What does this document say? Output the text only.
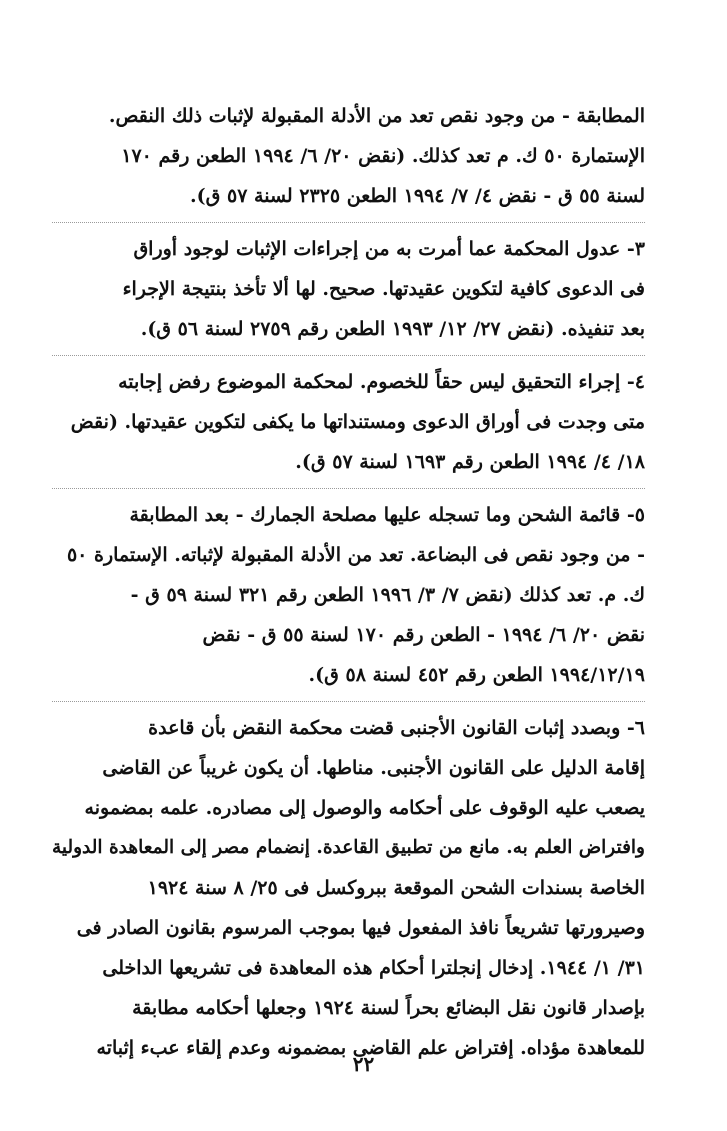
المطابقة - من وجود نقص تعد من الأدلة المقبولة لإثبات ذلك النقص.
الإستمارة ٥٠ ك. م تعد كذلك. (نقض ٢٠/ ٦/ ١٩٩٤ الطعن رقم ١٧٠
لسنة ٥٥ ق - نقض ٤/ ٧/ ١٩٩٤ الطعن ٢٣٢٥ لسنة ٥٧ ق).
٣- عدول المحكمة عما أمرت به من إجراءات الإثبات لوجود أوراق
فى الدعوى كافية لتكوين عقيدتها. صحيح. لها ألا تأخذ بنتيجة الإجراء
بعد تنفيذه. (نقض ٢٧/ ١٢/ ١٩٩٣ الطعن رقم ٢٧٥٩ لسنة ٥٦ ق).
٤- إجراء التحقيق ليس حقاً للخصوم. لمحكمة الموضوع رفض إجابته
متى وجدت فى أوراق الدعوى ومستنداتها ما يكفى لتكوين عقيدتها. (نقض
١٨/ ٤/ ١٩٩٤ الطعن رقم ١٦٩٣ لسنة ٥٧ ق).
٥- قائمة الشحن وما تسجله عليها مصلحة الجمارك - بعد المطابقة
- من وجود نقص فى البضاعة. تعد من الأدلة المقبولة لإثباته. الإستمارة ٥٠
ك. م. تعد كذلك (نقض ٧/ ٣/ ١٩٩٦ الطعن رقم ٣٢١ لسنة ٥٩ ق -
نقض ٢٠/ ٦/ ١٩٩٤ - الطعن رقم ١٧٠ لسنة ٥٥ ق - نقض
١٩٩٤/١٢/١٩ الطعن رقم ٤٥٢ لسنة ٥٨ ق).
٦- وبصدد إثبات القانون الأجنبى قضت محكمة النقض بأن قاعدة
إقامة الدليل على القانون الأجنبى. مناطها. أن يكون غريباً عن القاضى
يصعب عليه الوقوف على أحكامه والوصول إلى مصادره. علمه بمضمونه
وافتراض العلم به. مانع من تطبيق القاعدة. إنضمام مصر إلى المعاهدة الدولية
الخاصة بسندات الشحن الموقعة ببروكسل فى ٢٥/ ٨ سنة ١٩٢٤
وصيرورتها تشريعاً نافذ المفعول فيها بموجب المرسوم بقانون الصادر فى
٣١/ ١/ ١٩٤٤. إدخال إنجلترا أحكام هذه المعاهدة فى تشريعها الداخلى
بإصدار قانون نقل البضائع بحراً لسنة ١٩٢٤ وجعلها أحكامه مطابقة
للمعاهدة مؤداه. إفتراض علم القاضى بمضمونه وعدم إلقاء عبء إثباته
٢٢
